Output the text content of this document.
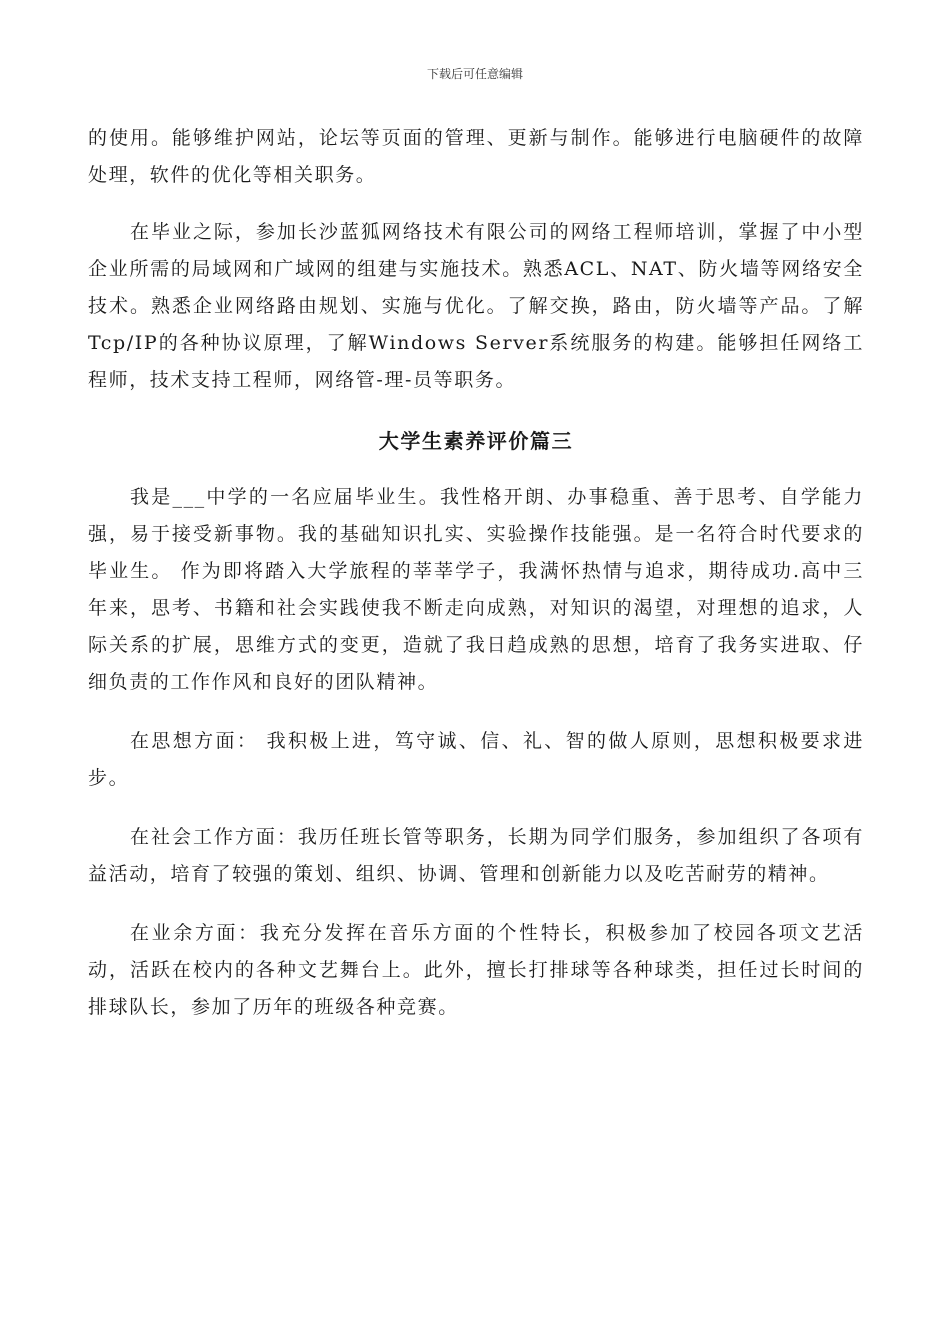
下载后可任意编辑

的使用。能够维护网站，论坛等页面的管理、更新与制作。能够进行电脑硬件的故障处理，软件的优化等相关职务。

在毕业之际，参加长沙蓝狐网络技术有限公司的网络工程师培训，掌握了中小型企业所需的局域网和广域网的组建与实施技术。熟悉ACL、NAT、防火墙等网络安全技术。熟悉企业网络路由规划、实施与优化。了解交换，路由，防火墙等产品。了解Tcp/IP的各种协议原理，了解Windows Server系统服务的构建。能够担任网络工程师，技术支持工程师，网络管-理-员等职务。

大学生素养评价篇三

我是___中学的一名应届毕业生。我性格开朗、办事稳重、善于思考、自学能力强，易于接受新事物。我的基础知识扎实、实验操作技能强。是一名符合时代要求的毕业生。 作为即将踏入大学旅程的莘莘学子，我满怀热情与追求，期待成功.高中三年来，思考、书籍和社会实践使我不断走向成熟，对知识的渴望，对理想的追求，人际关系的扩展，思维方式的变更，造就了我日趋成熟的思想，培育了我务实进取、仔细负责的工作作风和良好的团队精神。

在思想方面： 我积极上进，笃守诚、信、礼、智的做人原则，思想积极要求进步。

在社会工作方面：我历任班长管等职务，长期为同学们服务，参加组织了各项有益活动，培育了较强的策划、组织、协调、管理和创新能力以及吃苦耐劳的精神。

在业余方面：我充分发挥在音乐方面的个性特长，积极参加了校园各项文艺活动，活跃在校内的各种文艺舞台上。此外，擅长打排球等各种球类，担任过长时间的排球队长，参加了历年的班级各种竞赛。
